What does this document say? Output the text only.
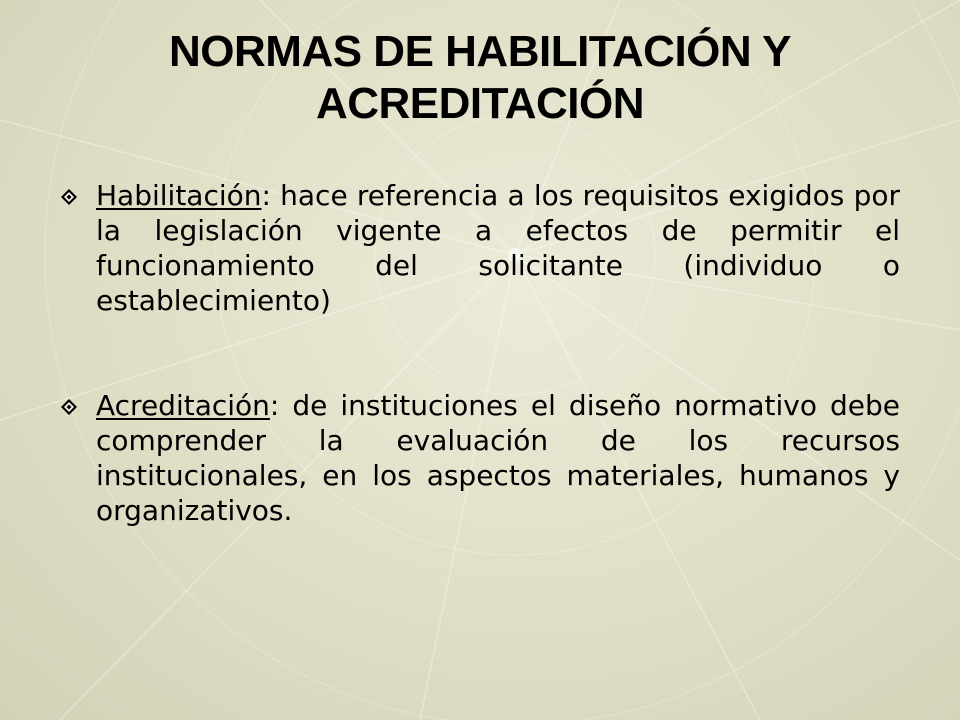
NORMAS DE HABILITACIÓN Y ACREDITACIÓN
Habilitación: hace referencia a los requisitos exigidos por la legislación vigente a efectos de permitir el funcionamiento del solicitante (individuo o establecimiento)
Acreditación: de instituciones el diseño normativo debe comprender la evaluación de los recursos institucionales, en los aspectos materiales, humanos y organizativos.
